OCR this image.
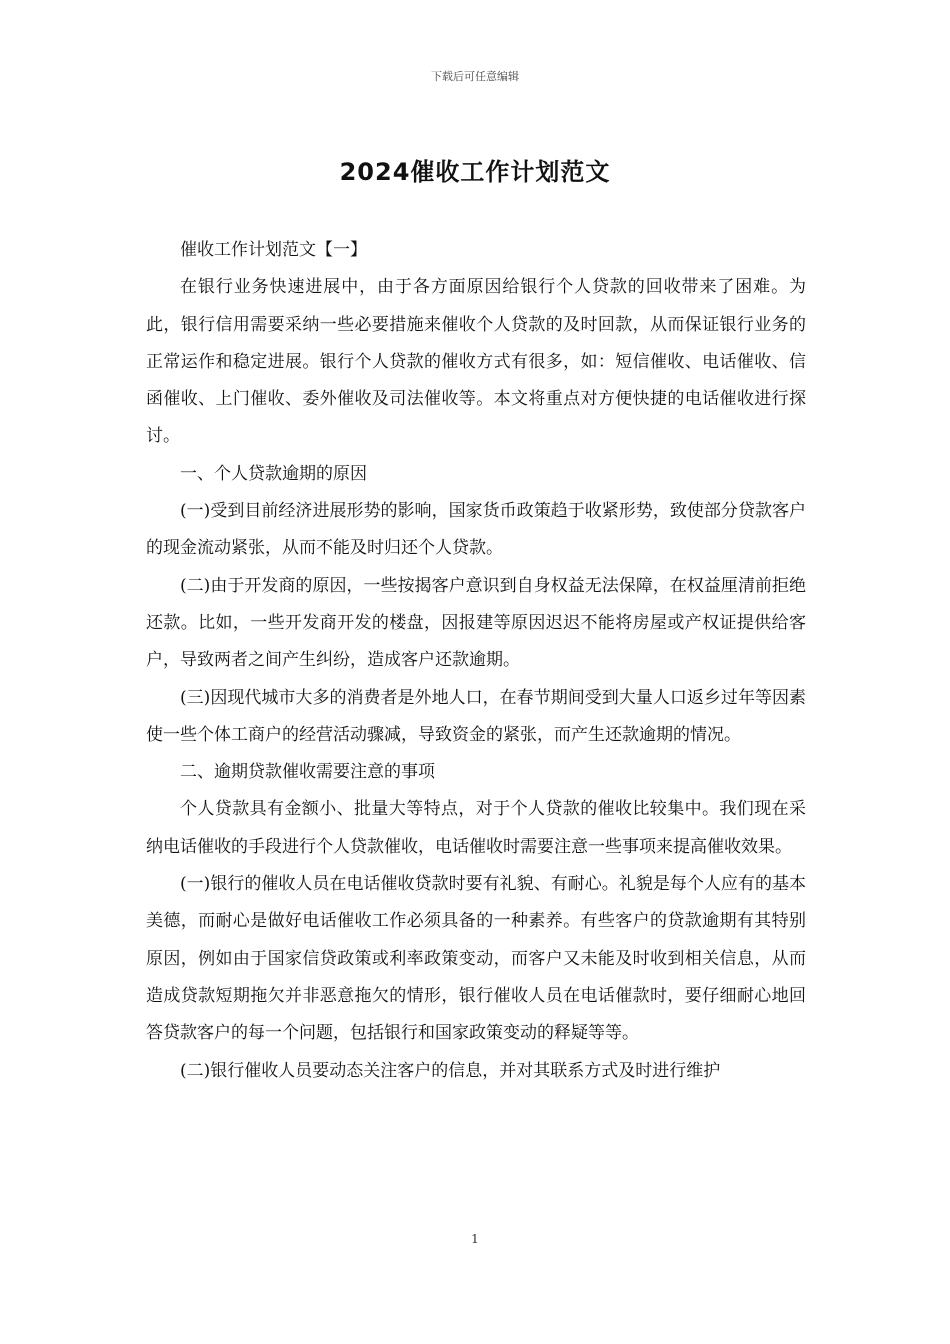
下载后可任意编辑
2024催收工作计划范文

催收工作计划范文【一】

在银行业务快速进展中，由于各方面原因给银行个人贷款的回收带来了困难。为此，银行信用需要采纳一些必要措施来催收个人贷款的及时回款，从而保证银行业务的正常运作和稳定进展。银行个人贷款的催收方式有很多，如：短信催收、电话催收、信函催收、上门催收、委外催收及司法催收等。本文将重点对方便快捷的电话催收进行探讨。

一、个人贷款逾期的原因

(一)受到目前经济进展形势的影响，国家货币政策趋于收紧形势，致使部分贷款客户的现金流动紧张，从而不能及时归还个人贷款。

(二)由于开发商的原因，一些按揭客户意识到自身权益无法保障，在权益厘清前拒绝还款。比如，一些开发商开发的楼盘，因报建等原因迟迟不能将房屋或产权证提供给客户，导致两者之间产生纠纷，造成客户还款逾期。

(三)因现代城市大多的消费者是外地人口，在春节期间受到大量人口返乡过年等因素使一些个体工商户的经营活动骤减，导致资金的紧张，而产生还款逾期的情况。

二、逾期贷款催收需要注意的事项

个人贷款具有金额小、批量大等特点，对于个人贷款的催收比较集中。我们现在采纳电话催收的手段进行个人贷款催收，电话催收时需要注意一些事项来提高催收效果。

(一)银行的催收人员在电话催收贷款时要有礼貌、有耐心。礼貌是每个人应有的基本美德，而耐心是做好电话催收工作必须具备的一种素养。有些客户的贷款逾期有其特别原因，例如由于国家信贷政策或利率政策变动，而客户又未能及时收到相关信息，从而造成贷款短期拖欠并非恶意拖欠的情形，银行催收人员在电话催款时，要仔细耐心地回答贷款客户的每一个问题，包括银行和国家政策变动的释疑等等。

(二)银行催收人员要动态关注客户的信息，并对其联系方式及时进行维护

1
